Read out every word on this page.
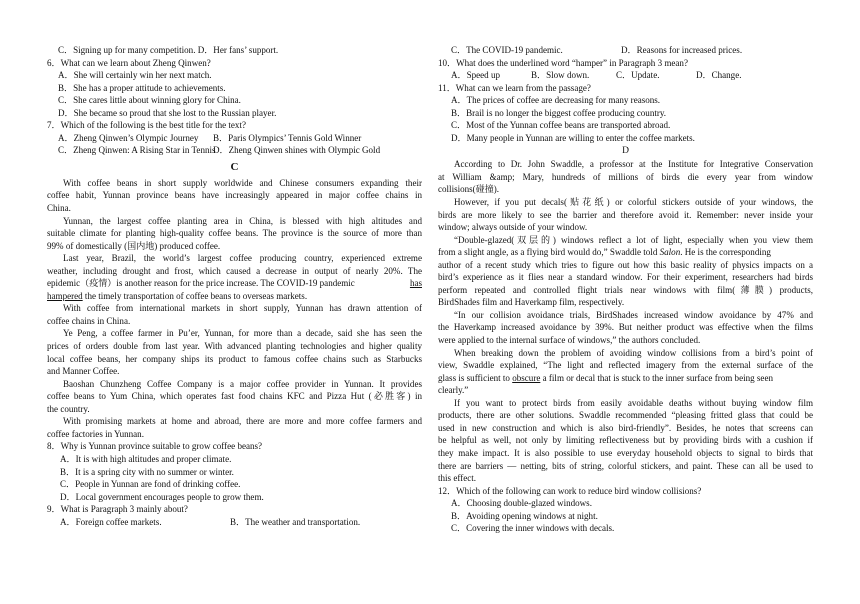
C．Signing up for many competition. D．Her fans’ support.
6．What can we learn about Zheng Qinwen?
A．She will certainly win her next match.
B．She has a proper attitude to achievements.
C．She cares little about winning glory for China.
D．She became so proud that she lost to the Russian player.
7．Which of the following is the best title for the text?
A．Zheng Qinwen’s Olympic Journey B．Paris Olympics’ Tennis Gold Winner
C．Zheng Qinwen: A Rising Star in TennisD．Zheng Qinwen shines with Olympic Gold
C
With coffee beans in short supply worldwide and Chinese consumers expanding their
coffee habit, Yunnan province beans have increasingly appeared in major coffee chains in
China.
Yunnan, the largest coffee planting area in China, is blessed with high altitudes and
suitable climate for planting high-quality coffee beans. The province is the source of more than
99% of domestically (国内地) produced coffee.
Last year, Brazil, the world’s largest coffee producing country, experienced extreme
weather, including drought and frost, which caused a decrease in output of nearly 20%. The
epidemic（疫情）is another reason for the price increase. The COVID-19 pandemic	has
hampered the timely transportation of coffee beans to overseas markets.
With coffee from international markets in short supply, Yunnan has drawn attention of
coffee chains in China.
Ye Peng, a coffee farmer in Pu’er, Yunnan, for more than a decade, said she has seen the
prices of orders double from last year. With advanced planting technologies and higher quality
local coffee beans, her company ships its product to famous coffee chains such as Starbucks
and Manner Coffee.
Baoshan Chunzheng Coffee Company is a major coffee provider in Yunnan. It provides
coffee beans to Yum China, which operates fast food chains KFC and Pizza Hut (必胜客) in
the country.
With promising markets at home and abroad, there are more and more coffee farmers and
coffee factories in Yunnan.
8．Why is Yunnan province suitable to grow coffee beans?
A．It is with high altitudes and proper climate.
B．It is a spring city with no summer or winter.
C．People in Yunnan are fond of drinking coffee.
D．Local government encourages people to grow them.
9．What is Paragraph 3 mainly about?
A．Foreign coffee markets.	B．The weather and transportation.
C．The COVID-19 pandemic.	D．Reasons for increased prices.
10．What does the underlined word “hamper” in Paragraph 3 mean?
A．Speed up	B．Slow down.	C．Update.	D．Change.
11．What can we learn from the passage?
A．The prices of coffee are decreasing for many reasons.
B．Brail is no longer the biggest coffee producing country.
C．Most of the Yunnan coffee beans are transported abroad.
D．Many people in Yunnan are willing to enter the coffee markets.
D
According to Dr. John Swaddle, a professor at the Institute for Integrative Conservation
at William &amp; Mary, hundreds of millions of birds die every year from window
collisions(碰撞).
However, if you put decals(贴花纸) or colorful stickers outside of your windows, the
birds are more likely to see the barrier and therefore avoid it. Remember: never inside your
window; always outside of your window.
“Double-glazed(双层的) windows reflect a lot of light, especially when you view them
from a slight angle, as a flying bird would do,” Swaddle told Salon. He is the corresponding
author of a recent study which tries to figure out how this basic reality of physics impacts on a
bird’s experience as it flies near a standard window. For their experiment, researchers had birds
perform repeated and controlled flight trials near windows with film(薄膜) products,
BirdShades film and Haverkamp film, respectively.
“In our collision avoidance trials, BirdShades increased window avoidance by 47% and
the Haverkamp increased avoidance by 39%. But neither product was effective when the films
were applied to the internal surface of windows,” the authors concluded.
When breaking down the problem of avoiding window collisions from a bird’s point of
view, Swaddle explained, “The light and reflected imagery from the external surface of the
glass is sufficient to obscure a film or decal that is stuck to the inner surface from being seen
clearly.”
If you want to protect birds from easily avoidable deaths without buying window film
products, there are other solutions. Swaddle recommended “pleasing fritted glass that could be
used in new construction and which is also bird-friendly”. Besides, he notes that screens can
be helpful as well, not only by limiting reflectiveness but by providing birds with a cushion if
they make impact. It is also possible to use everyday household objects to signal to birds that
there are barriers — netting, bits of string, colorful stickers, and paint. These can all be used to
this effect.
12．Which of the following can work to reduce bird window collisions?
A．Choosing double-glazed windows.
B．Avoiding opening windows at night.
C．Covering the inner windows with decals.
